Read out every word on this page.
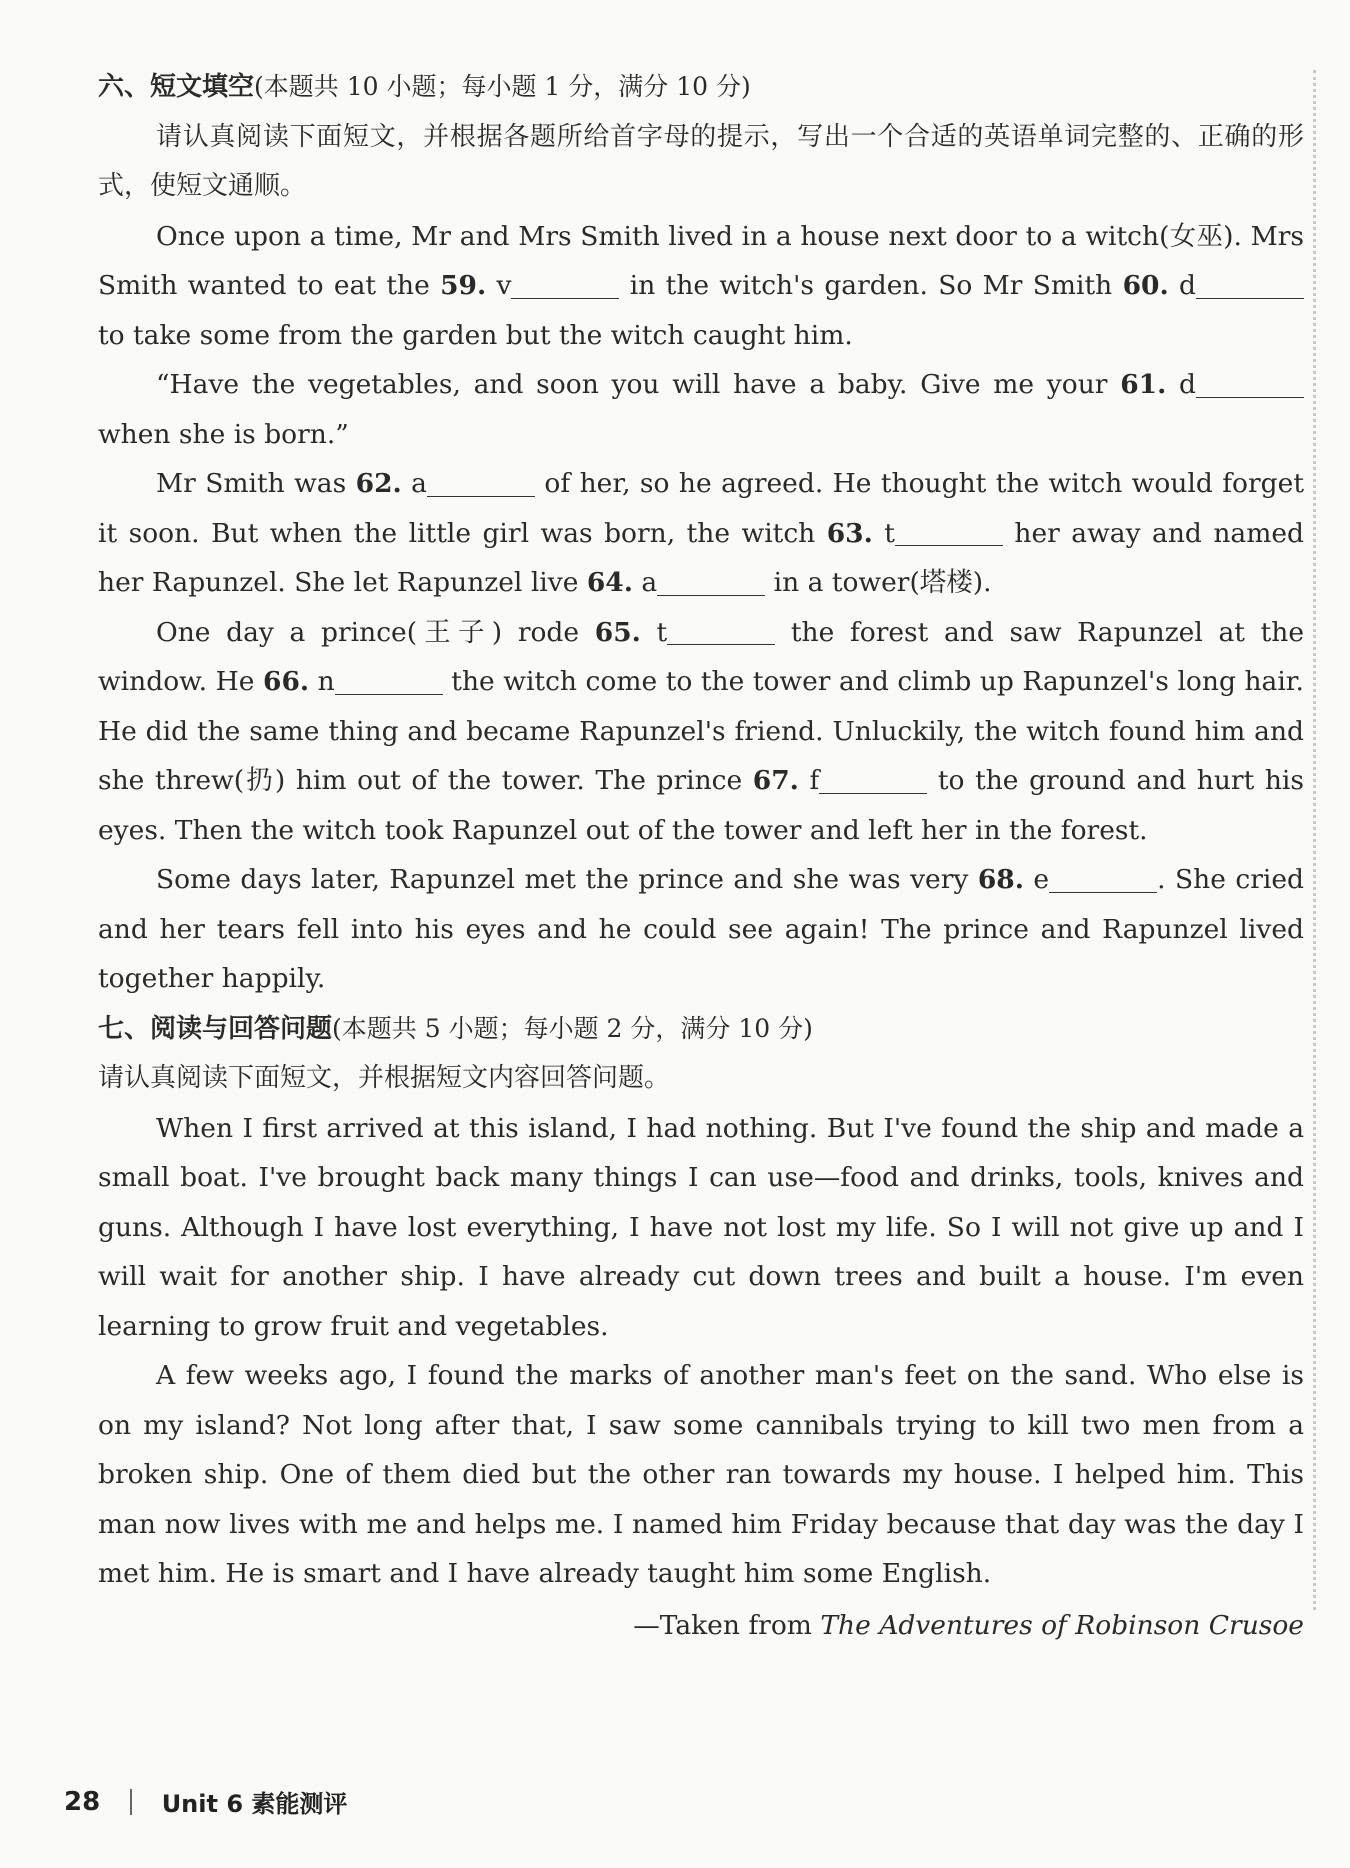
六、短文填空(本题共 10 小题；每小题 1 分，满分 10 分)

请认真阅读下面短文，并根据各题所给首字母的提示，写出一个合适的英语单词完整的、正确的形式，使短文通顺。

Once upon a time, Mr and Mrs Smith lived in a house next door to a witch(女巫). Mrs Smith wanted to eat the 59. v	in the witch's garden. So Mr Smith 60. d to take some from the garden but the witch caught him.

“Have the vegetables, and soon you will have a baby. Give me your 61. d when she is born.”

Mr Smith was 62. a	of her, so he agreed. He thought the witch would forget it soon. But when the little girl was born, the witch 63. t	her away and named her Rapunzel. She let Rapunzel live 64. a	in a tower(塔楼).

One day a prince(王子) rode 65. t	the forest and saw Rapunzel at the window. He 66. n	the witch come to the tower and climb up Rapunzel's long hair. He did the same thing and became Rapunzel's friend. Unluckily, the witch found him and she threw(扔) him out of the tower. The prince 67. f	to the ground and hurt his eyes. Then the witch took Rapunzel out of the tower and left her in the forest.

Some days later, Rapunzel met the prince and she was very 68. e	. She cried and her tears fell into his eyes and he could see again! The prince and Rapunzel lived together happily.

七、阅读与回答问题(本题共 5 小题；每小题 2 分，满分 10 分)

请认真阅读下面短文，并根据短文内容回答问题。

When I first arrived at this island, I had nothing. But I've found the ship and made a small boat. I've brought back many things I can use—food and drinks, tools, knives and guns. Although I have lost everything, I have not lost my life. So I will not give up and I will wait for another ship. I have already cut down trees and built a house. I'm even learning to grow fruit and vegetables.

A few weeks ago, I found the marks of another man's feet on the sand. Who else is on my island? Not long after that, I saw some cannibals trying to kill two men from a broken ship. One of them died but the other ran towards my house. I helped him. This man now lives with me and helps me. I named him Friday because that day was the day I met him. He is smart and I have already taught him some English.

—Taken from The Adventures of Robinson Crusoe

28	Unit 6 素能测评
